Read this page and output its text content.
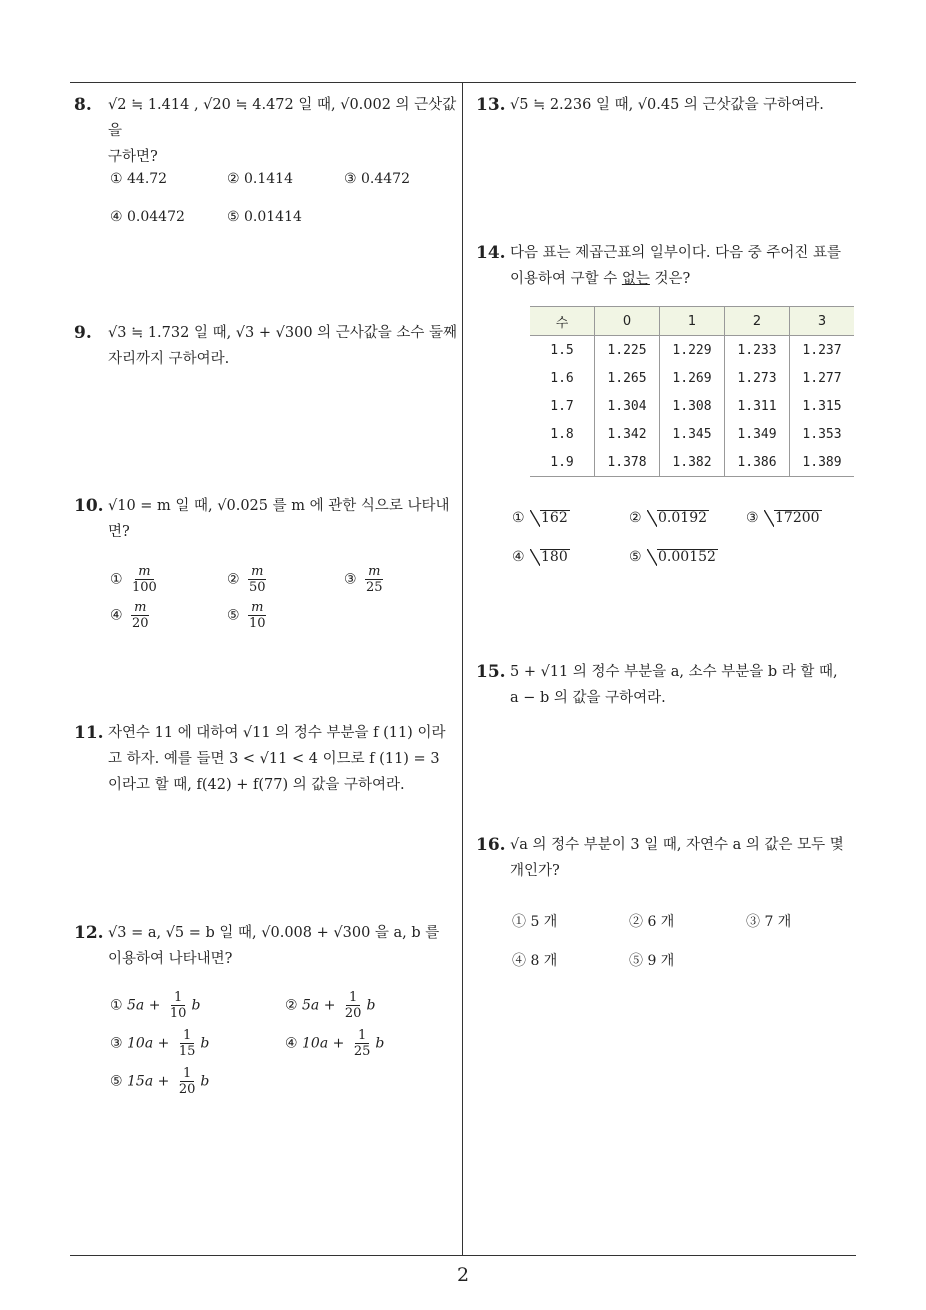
8.	√2 ≒ 1.414 , √20 ≒ 4.472 일 때, √0.002 의 근삿값을
구하면?
① 44.72	② 0.1414	③ 0.4472
④ 0.04472	⑤ 0.01414
9.	√3 ≒ 1.732 일 때, √3 + √300 의 근사값을 소수 둘째
자리까지 구하여라.
10. √10 = m 일 때, √0.025 를 m 에 관한 식으로 나타내
면?
① $\frac{m}{100}$	② $\frac{m}{50}$	③ $\frac{m}{25}$
④ $\frac{m}{20}$	⑤ $\frac{m}{10}$
11. 자연수 11 에 대하여 √11 의 정수 부분을 f (11) 이라
고 하자. 예를 들면 3 < √11 < 4 이므로 f (11) = 3
이라고 할 때, f(42) + f(77) 의 값을 구하여라.
12. √3 = a, √5 = b 일 때, √0.008 + √300 을 a, b 를
이용하여 나타내면?
① $5a + \frac{1}{10}$ b	② $5a + \frac{1}{20}$ b
③ $10a + \frac{1}{15}$ b	④ $10a + \frac{1}{25}$ b
⑤ $15a + \frac{1}{20}$ b
13. √5 ≒ 2.236 일 때, √0.45 의 근삿값을 구하여라.
14. 다음 표는 제곱근표의 일부이다. 다음 중 주어진 표를
이용하여 구할 수 없는 것은?
수	0	1	2	3
1.5	1.225	1.229	1.233	1.237
1.6	1.265	1.269	1.273	1.277
1.7	1.304	1.308	1.311	1.315
1.8	1.342	1.345	1.349	1.353
1.9	1.378	1.382	1.386	1.389
① 162	② 0.0192	③ 17200
④ 180	⑤ 0.00152
15. 5 + √11 의 정수 부분을 a, 소수 부분을 b 라 할 때,
a − b 의 값을 구하여라.
16. √a 의 정수 부분이 3 일 때, 자연수 a 의 값은 모두 몇
개인가?
① 5 개	② 6 개	③ 7 개
④ 8 개	⑤ 9 개
2
